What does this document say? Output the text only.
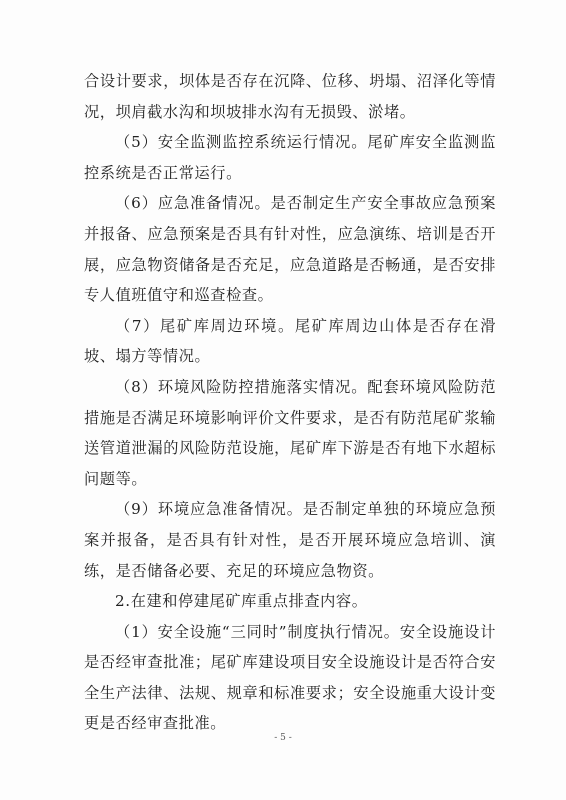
合设计要求，坝体是否存在沉降、位移、坍塌、沼泽化等情况，坝肩截水沟和坝坡排水沟有无损毁、淤堵。

（5）安全监测监控系统运行情况。尾矿库安全监测监控系统是否正常运行。

（6）应急准备情况。是否制定生产安全事故应急预案并报备、应急预案是否具有针对性，应急演练、培训是否开展，应急物资储备是否充足，应急道路是否畅通，是否安排专人值班值守和巡查检查。

（7）尾矿库周边环境。尾矿库周边山体是否存在滑坡、塌方等情况。

（8）环境风险防控措施落实情况。配套环境风险防范措施是否满足环境影响评价文件要求，是否有防范尾矿浆输送管道泄漏的风险防范设施，尾矿库下游是否有地下水超标问题等。

（9）环境应急准备情况。是否制定单独的环境应急预案并报备，是否具有针对性，是否开展环境应急培训、演练，是否储备必要、充足的环境应急物资。

2.在建和停建尾矿库重点排查内容。

（1）安全设施“三同时”制度执行情况。安全设施设计是否经审查批准；尾矿库建设项目安全设施设计是否符合安全生产法律、法规、规章和标准要求；安全设施重大设计变更是否经审查批准。

- 5 -
